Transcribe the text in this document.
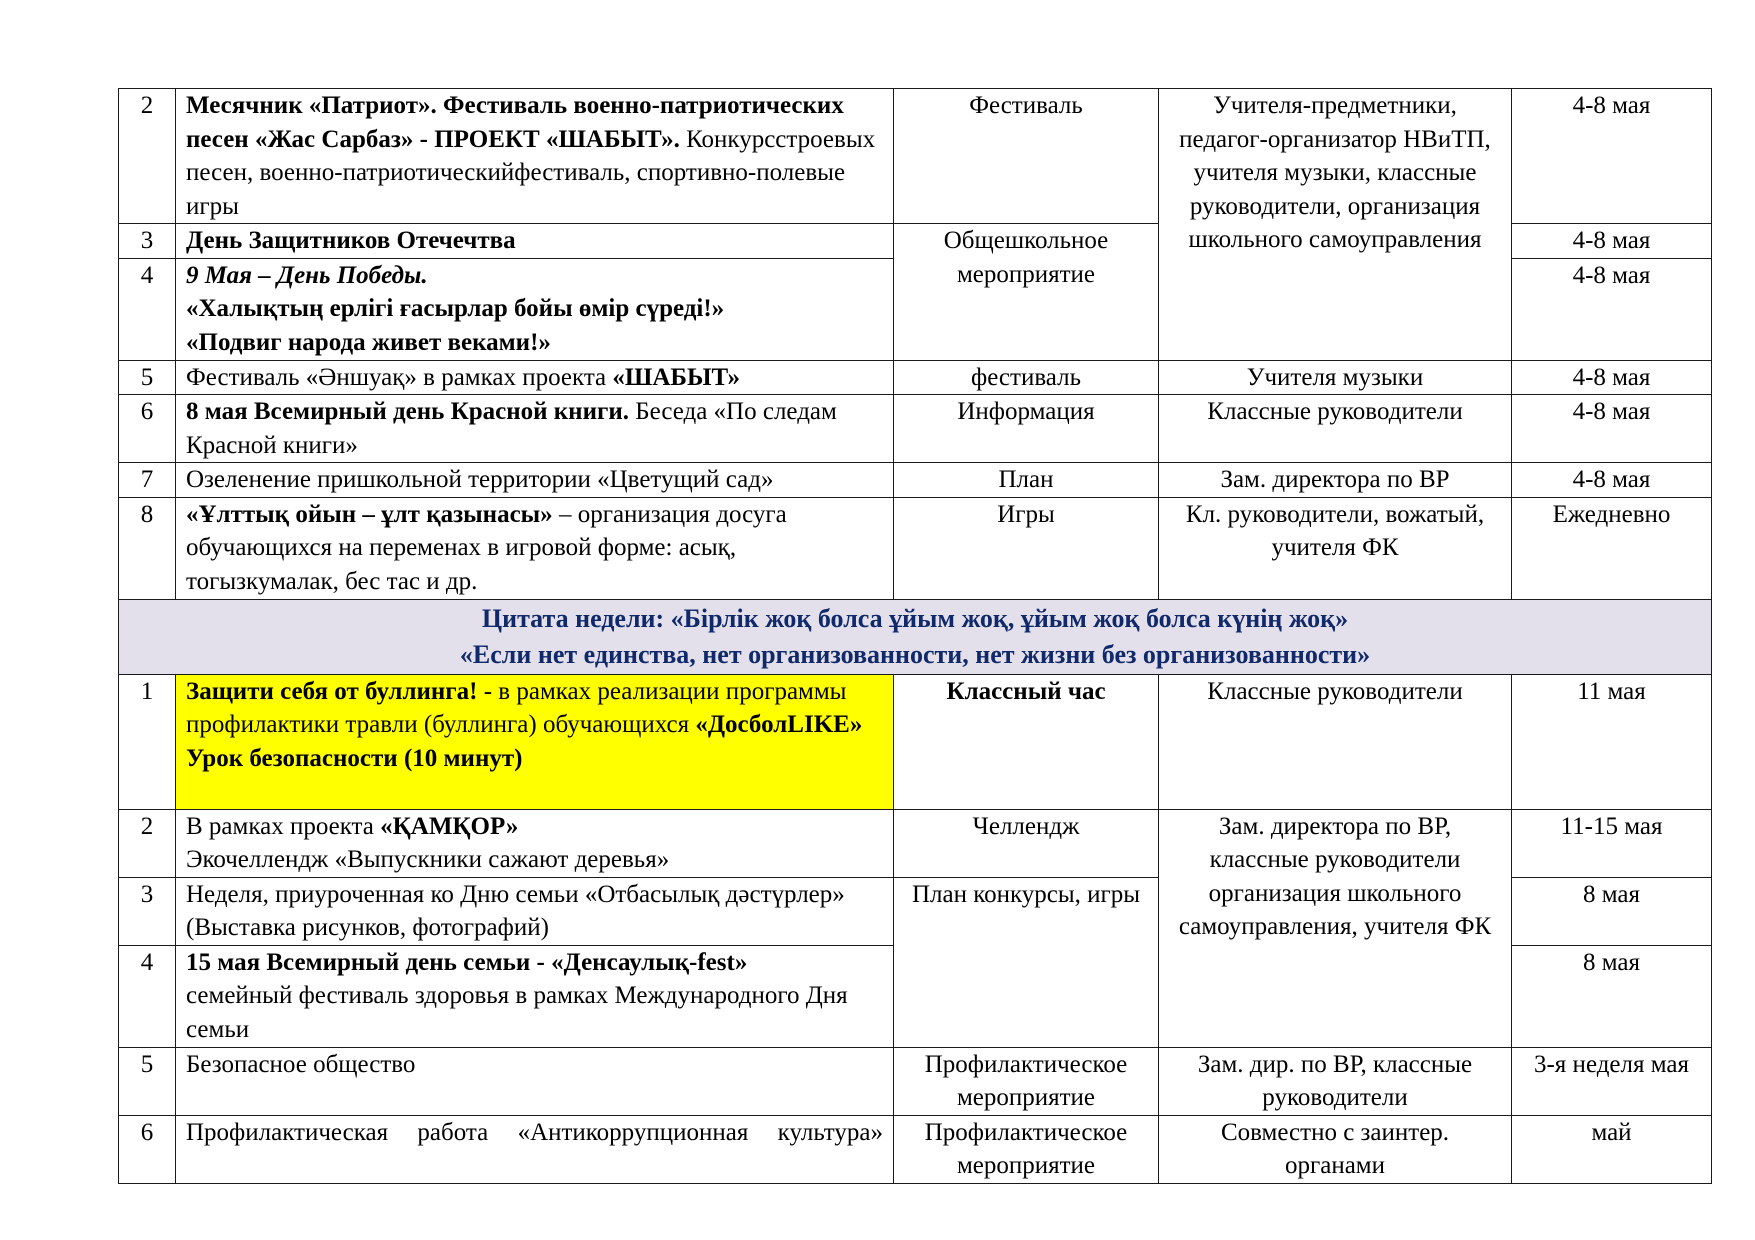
2	Месячник «Патриот». Фестиваль военно-патриотических песен «Жас Сарбаз» - ПРОЕКТ «ШАБЫТ». Конкурсстроевых песен, военно-патриотическийфестиваль, спортивно-полевые игры	Фестиваль	Учителя-предметники, педагог-организатор НВиТП, учителя музыки, классные руководители, организация школьного самоуправления	4-8 мая
3	День Защитников Отечечтва	Общешкольное мероприятие		4-8 мая
4	9 Мая – День Победы.
«Халықтың ерлігі ғасырлар бойы өмір сүреді!»
«Подвиг народа живет веками!»			4-8 мая
5	Фестиваль «Әншуақ» в рамках проекта «ШАБЫТ»	фестиваль	Учителя музыки	4-8 мая
6	8 мая Всемирный день Красной книги. Беседа «По следам Красной книги»	Информация	Классные руководители	4-8 мая
7	Озеленение пришкольной территории «Цветущий сад»	План	Зам. директора по ВР	4-8 мая
8	«Ұлттық ойын – ұлт қазынасы» – организация досуга обучающихся на переменах в игровой форме: асық, тогызкумалак, бес тас и др.	Игры	Кл. руководители, вожатый, учителя ФК	Ежедневно

Цитата недели: «Бірлік жоқ болса ұйым жоқ, ұйым жоқ болса күнің жоқ»
«Если нет единства, нет организованности, нет жизни без организованности»				

1	Защити себя от буллинга! - в рамках реализации программы профилактики травли (буллинга) обучающихся «ДосболLIKE»
Урок безопасности (10 минут)	Классный час	Классные руководители	11 мая
2	В рамках проекта «ҚАМҚОР»
Экочеллендж «Выпускники сажают деревья»	Челлендж	Зам. директора по ВР, классные руководители организация школьного самоуправления, учителя ФК	11-15 мая
3	Неделя, приуроченная ко Дню семьи «Отбасылық дәстүрлер» (Выставка рисунков, фотографий)	План конкурсы, игры		8 мая
4	15 мая Всемирный день семьи - «Денсаулық-fest»
семейный фестиваль здоровья в рамках Международного Дня семьи			8 мая
5	Безопасное общество	Профилактическое мероприятие	Зам. дир. по ВР, классные руководители	3-я неделя мая
6	Профилактическая работа «Антикоррупционная культура»	Профилактическое мероприятие	Совместно с заинтер. органами	май
